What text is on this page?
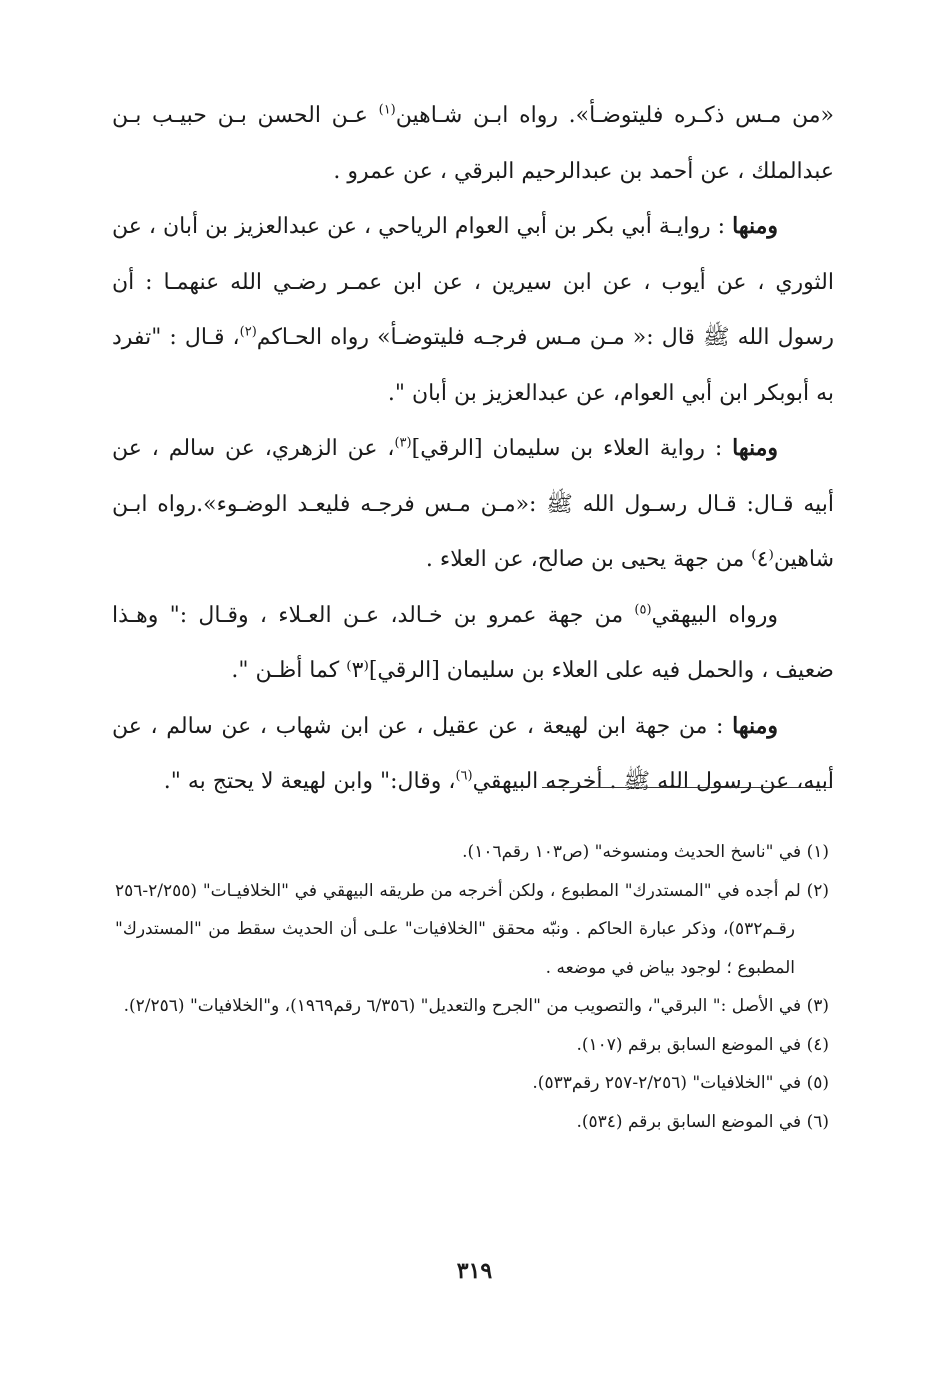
«من مـس ذكـره فليتوضـأ». رواه ابـن شـاهين$^{(١)}$ عـن الحسن بـن حبيـب بـن عبدالملك ، عن أحمد بن عبدالرحيم البرقي ، عن عمرو .

ومنها : روايـة أبي بكر بن أبي العوام الرياحي ، عن عبدالعزيز بن أبان ، عن الثوري ، عن أيوب ، عن ابن سيرين ، عن ابن عمـر رضـي الله عنهمـا : أن رسول الله ﷺ قال :« مـن مـس فرجـه فليتوضـأ» رواه الحـاكم$^{(٢)}$، قـال : "تفرد به أبوبكر ابن أبي العوام، عن عبدالعزيز بن أبان ".

ومنها : رواية العلاء بن سليمان [الرقي]$^{(٣)}$، عن الزهري، عن سالم ، عن أبيه قـال: قـال رسـول الله ﷺ :«مـن مـس فرجـه فليعـد الوضـوء».رواه ابـن شاهين⁽٤⁾ من جهة يحيى بن صالح، عن العلاء .

ورواه البيهقي$^{(٥)}$ من جهة عمرو بن خـالد، عـن العـلاء ، وقـال :" وهـذا ضعيف ، والحمل فيه على العلاء بن سليمان [الرقي]⁽٣⁾ كما أظـن ".

ومنها : من جهة ابن لهيعة ، عن عقيل ، عن ابن شهاب ، عن سالم ، عن أبيه، عن رسول الله ﷺ . أخرجه البيهقي$^{(٦)}$، وقال:" وابن لهيعة لا يحتج به ".

(١) في "ناسخ الحديث ومنسوخه" (ص١٠٣ رقم١٠٦).

(٢) لم أجده في "المستدرك" المطبوع ، ولكن أخرجه من طريقه البيهقي في "الخلافيـات" (٢/٢٥٥-٢٥٦ رقـم٥٣٢)، وذكر عبارة الحاكم . ونبّه محقق "الخلافيات" علـى أن الحديث سقط من "المستدرك" المطبوع ؛ لوجود بياض في موضعه .

(٣) في الأصل :" البرقي"، والتصويب من "الجرح والتعديل" (٦/٣٥٦ رقم١٩٦٩)، و"الخلافيات" (٢/٢٥٦).

(٤) في الموضع السابق برقم (١٠٧).

(٥) في "الخلافيات" (٢/٢٥٦-٢٥٧ رقم٥٣٣).

(٦) في الموضع السابق برقم (٥٣٤).

٣١٩
